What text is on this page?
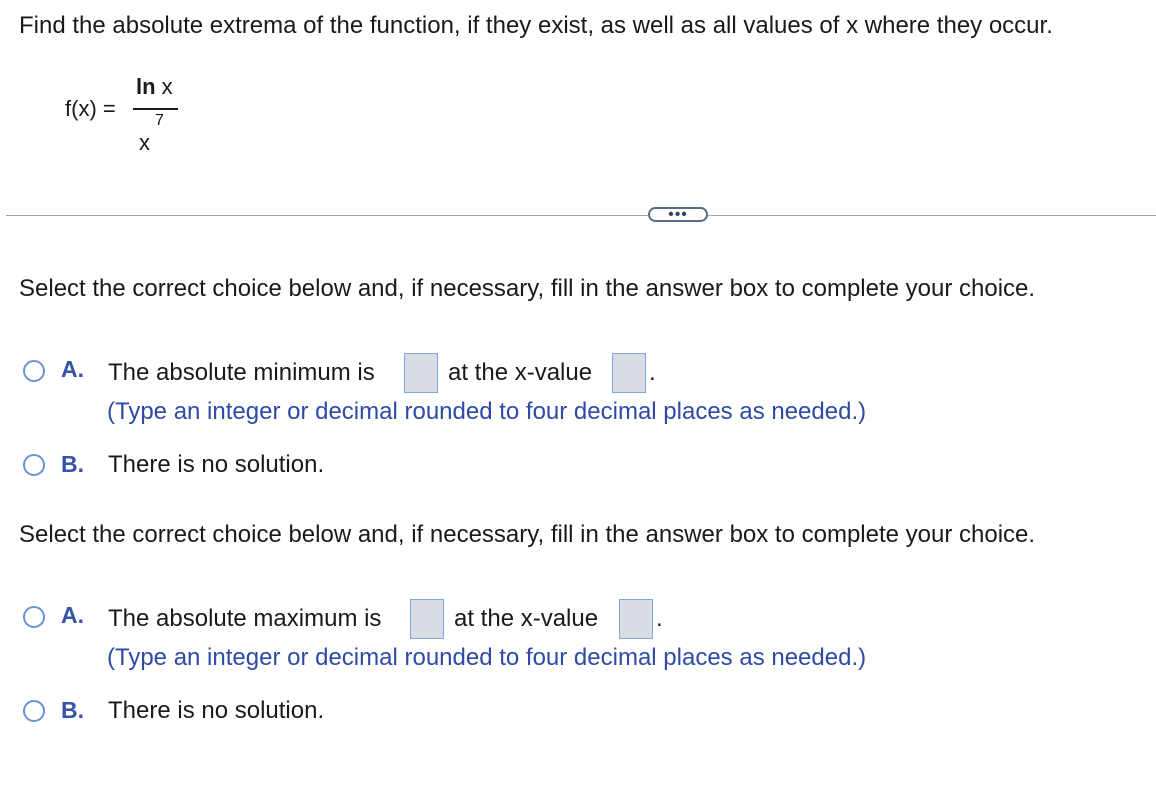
Find the absolute extrema of the function, if they exist, as well as all values of x where they occur.
f(x) =
ln x
x
7
•••
Select the correct choice below and, if necessary, fill in the answer box to complete your choice.
A. The absolute minimum is	at the x-value .
(Type an integer or decimal rounded to four decimal places as needed.)
B. There is no solution.
Select the correct choice below and, if necessary, fill in the answer box to complete your choice.
A. The absolute maximum is	at the x-value .
(Type an integer or decimal rounded to four decimal places as needed.)
B. There is no solution.
